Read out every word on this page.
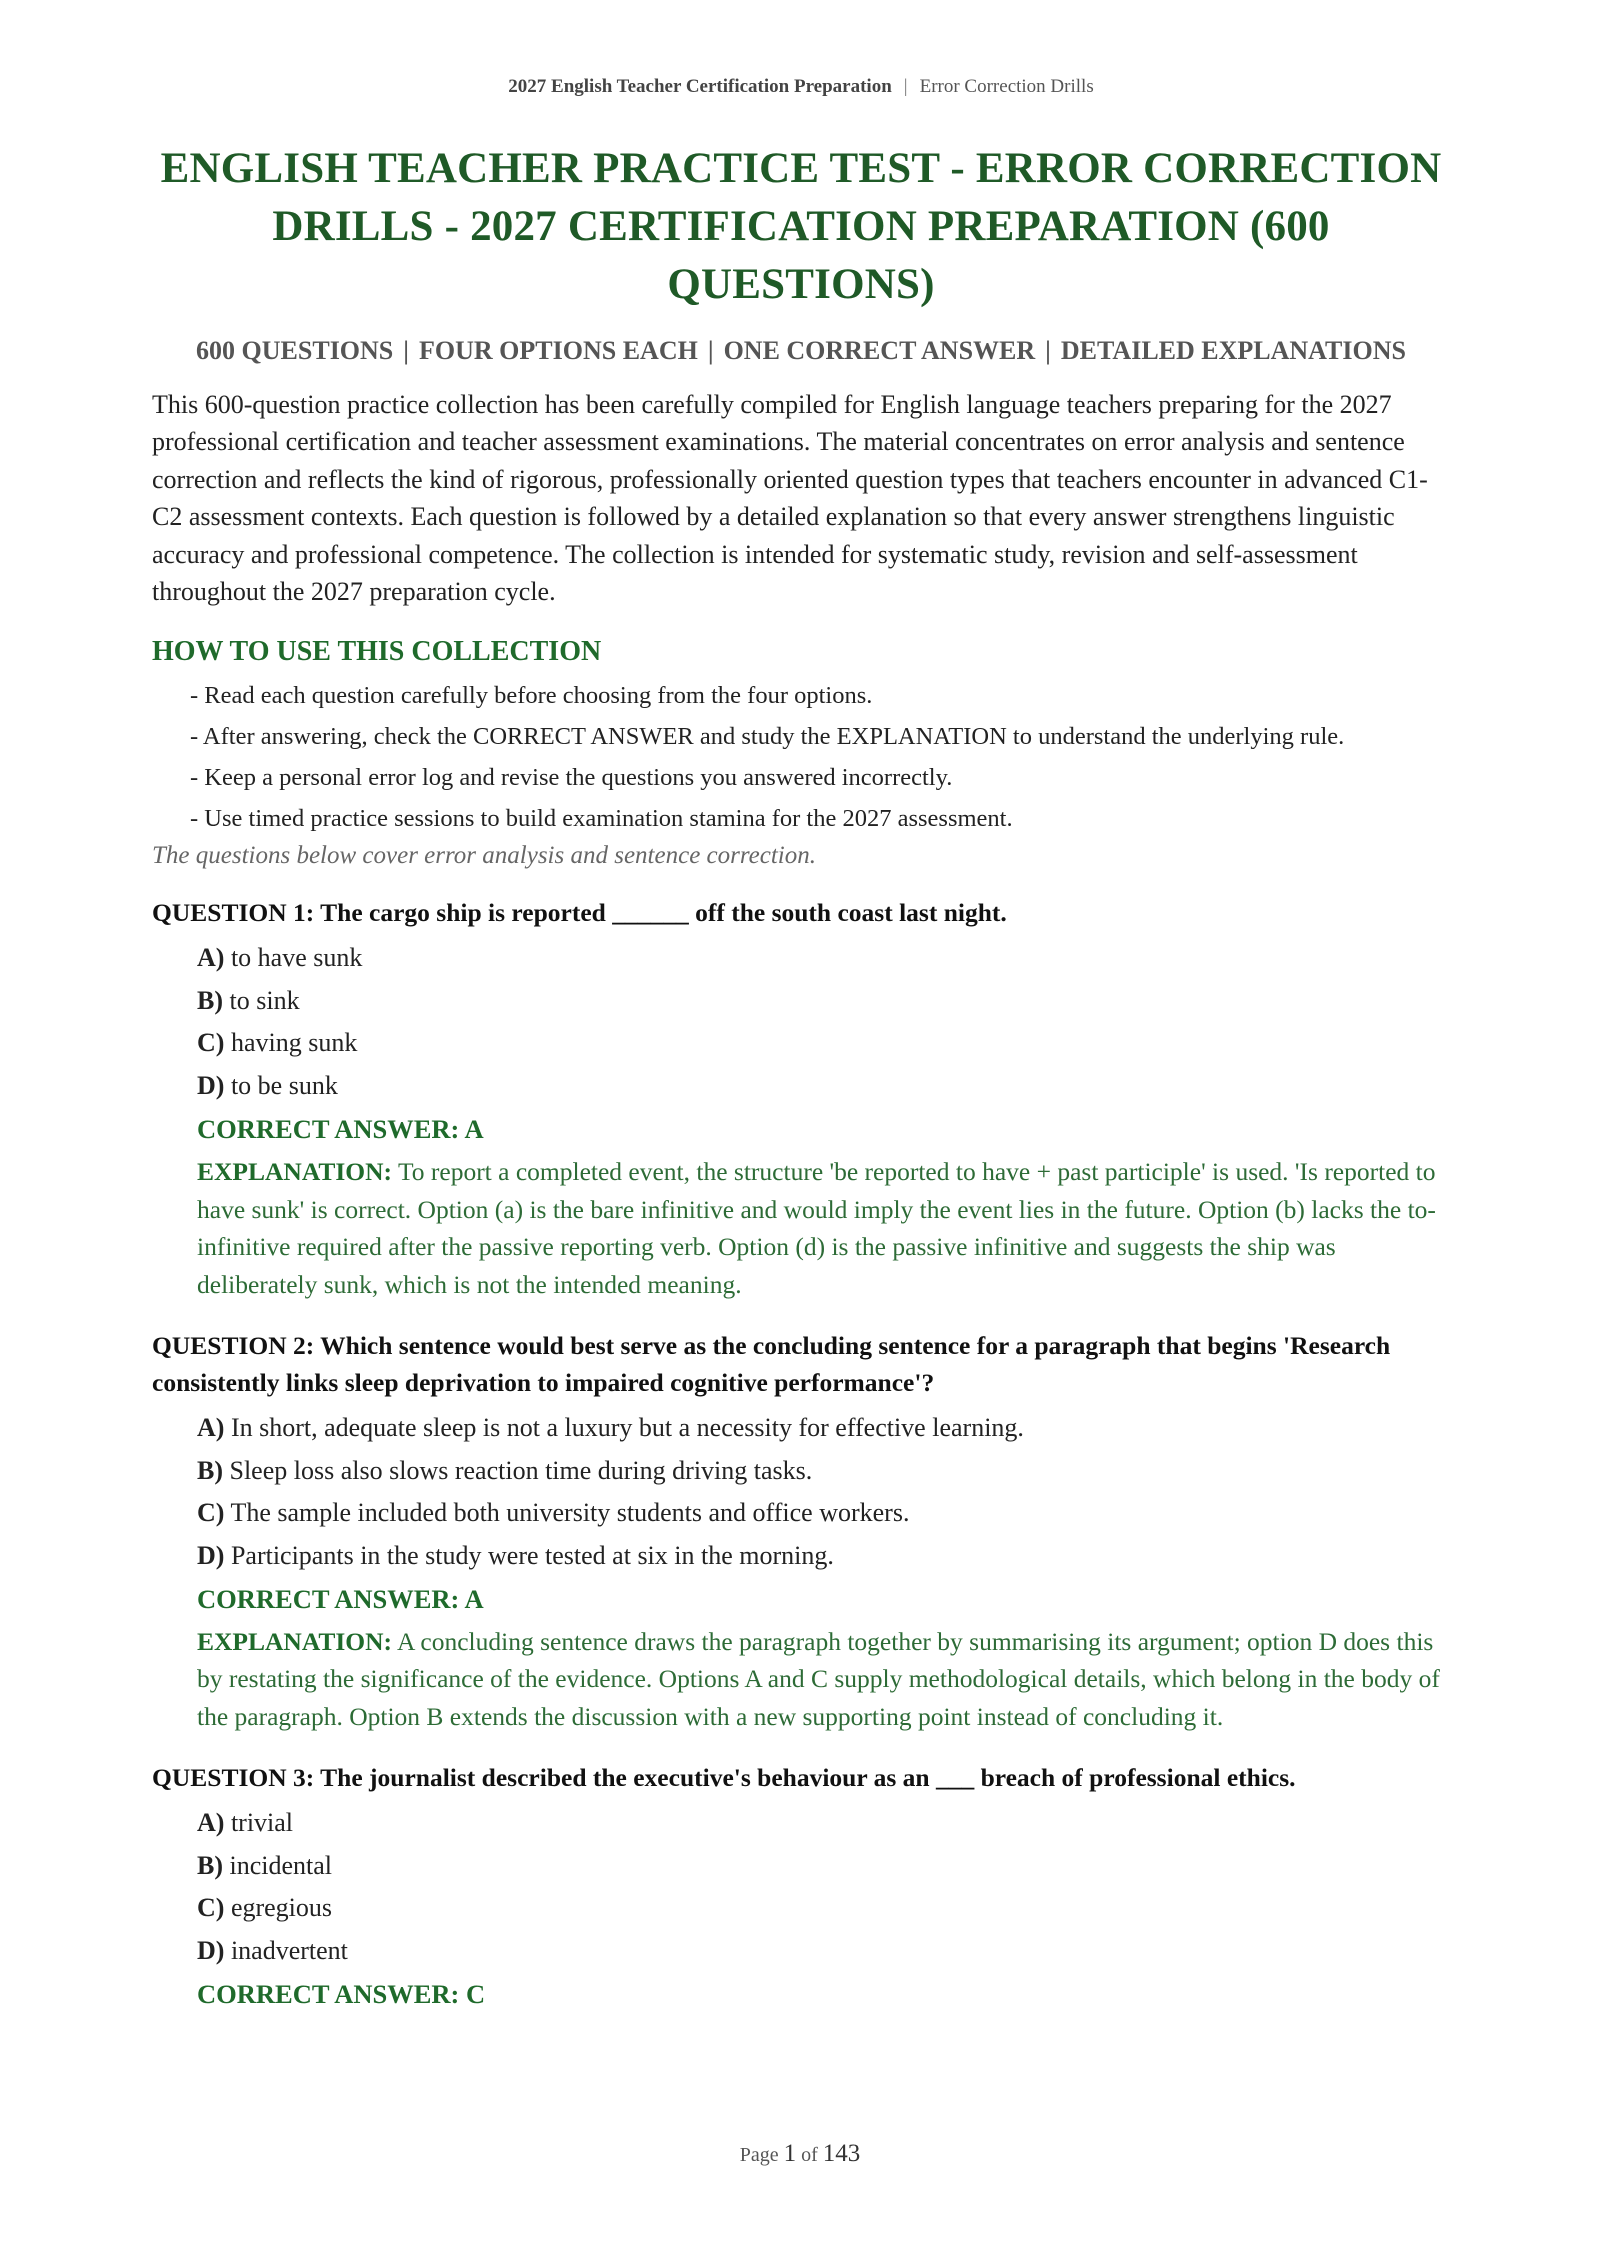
2027 English Teacher Certification Preparation | Error Correction Drills
ENGLISH TEACHER PRACTICE TEST - ERROR CORRECTION DRILLS - 2027 CERTIFICATION PREPARATION (600 QUESTIONS)
600 QUESTIONS | FOUR OPTIONS EACH | ONE CORRECT ANSWER | DETAILED EXPLANATIONS

This 600-question practice collection has been carefully compiled for English language teachers preparing for the 2027 professional certification and teacher assessment examinations. The material concentrates on error analysis and sentence correction and reflects the kind of rigorous, professionally oriented question types that teachers encounter in advanced C1-C2 assessment contexts. Each question is followed by a detailed explanation so that every answer strengthens linguistic accuracy and professional competence. The collection is intended for systematic study, revision and self-assessment throughout the 2027 preparation cycle.

HOW TO USE THIS COLLECTION
- Read each question carefully before choosing from the four options.
- After answering, check the CORRECT ANSWER and study the EXPLANATION to understand the underlying rule.
- Keep a personal error log and revise the questions you answered incorrectly.
- Use timed practice sessions to build examination stamina for the 2027 assessment.
The questions below cover error analysis and sentence correction.
QUESTION 1: The cargo ship is reported ______ off the south coast last night.
A) to have sunk
B) to sink
C) having sunk
D) to be sunk
CORRECT ANSWER: A
EXPLANATION: To report a completed event, the structure 'be reported to have + past participle' is used. 'Is reported to have sunk' is correct. Option (a) is the bare infinitive and would imply the event lies in the future. Option (b) lacks the to-infinitive required after the passive reporting verb. Option (d) is the passive infinitive and suggests the ship was deliberately sunk, which is not the intended meaning.
QUESTION 2: Which sentence would best serve as the concluding sentence for a paragraph that begins 'Research consistently links sleep deprivation to impaired cognitive performance'?
A) In short, adequate sleep is not a luxury but a necessity for effective learning.
B) Sleep loss also slows reaction time during driving tasks.
C) The sample included both university students and office workers.
D) Participants in the study were tested at six in the morning.
CORRECT ANSWER: A
EXPLANATION: A concluding sentence draws the paragraph together by summarising its argument; option D does this by restating the significance of the evidence. Options A and C supply methodological details, which belong in the body of the paragraph. Option B extends the discussion with a new supporting point instead of concluding it.
QUESTION 3: The journalist described the executive's behaviour as an ___ breach of professional ethics.
A) trivial
B) incidental
C) egregious
D) inadvertent
CORRECT ANSWER: C
Page 1 of 143
